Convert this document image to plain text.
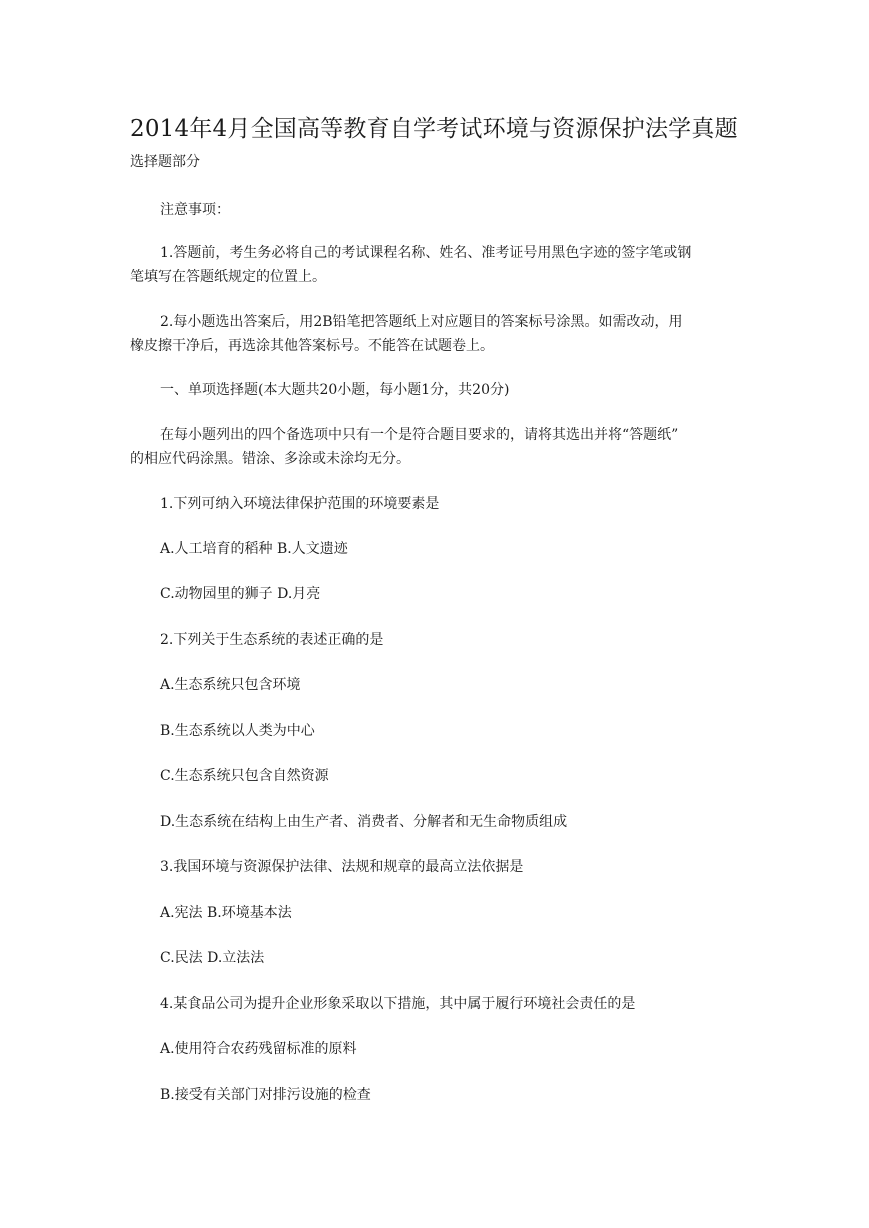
2014年4月全国高等教育自学考试环境与资源保护法学真题
选择题部分
注意事项：
1.答题前，考生务必将自己的考试课程名称、姓名、准考证号用黑色字迹的签字笔或钢
笔填写在答题纸规定的位置上。
2.每小题选出答案后，用2B铅笔把答题纸上对应题目的答案标号涂黑。如需改动，用
橡皮擦干净后，再选涂其他答案标号。不能答在试题卷上。
一、单项选择题(本大题共20小题，每小题1分，共20分)
在每小题列出的四个备选项中只有一个是符合题目要求的，请将其选出并将“答题纸”
的相应代码涂黑。错涂、多涂或未涂均无分。
1.下列可纳入环境法律保护范围的环境要素是
A.人工培育的稻种 B.人文遗迹
C.动物园里的狮子 D.月亮
2.下列关于生态系统的表述正确的是
A.生态系统只包含环境
B.生态系统以人类为中心
C.生态系统只包含自然资源
D.生态系统在结构上由生产者、消费者、分解者和无生命物质组成
3.我国环境与资源保护法律、法规和规章的最高立法依据是
A.宪法 B.环境基本法
C.民法 D.立法法
4.某食品公司为提升企业形象采取以下措施，其中属于履行环境社会责任的是
A.使用符合农药残留标准的原料
B.接受有关部门对排污设施的检查
